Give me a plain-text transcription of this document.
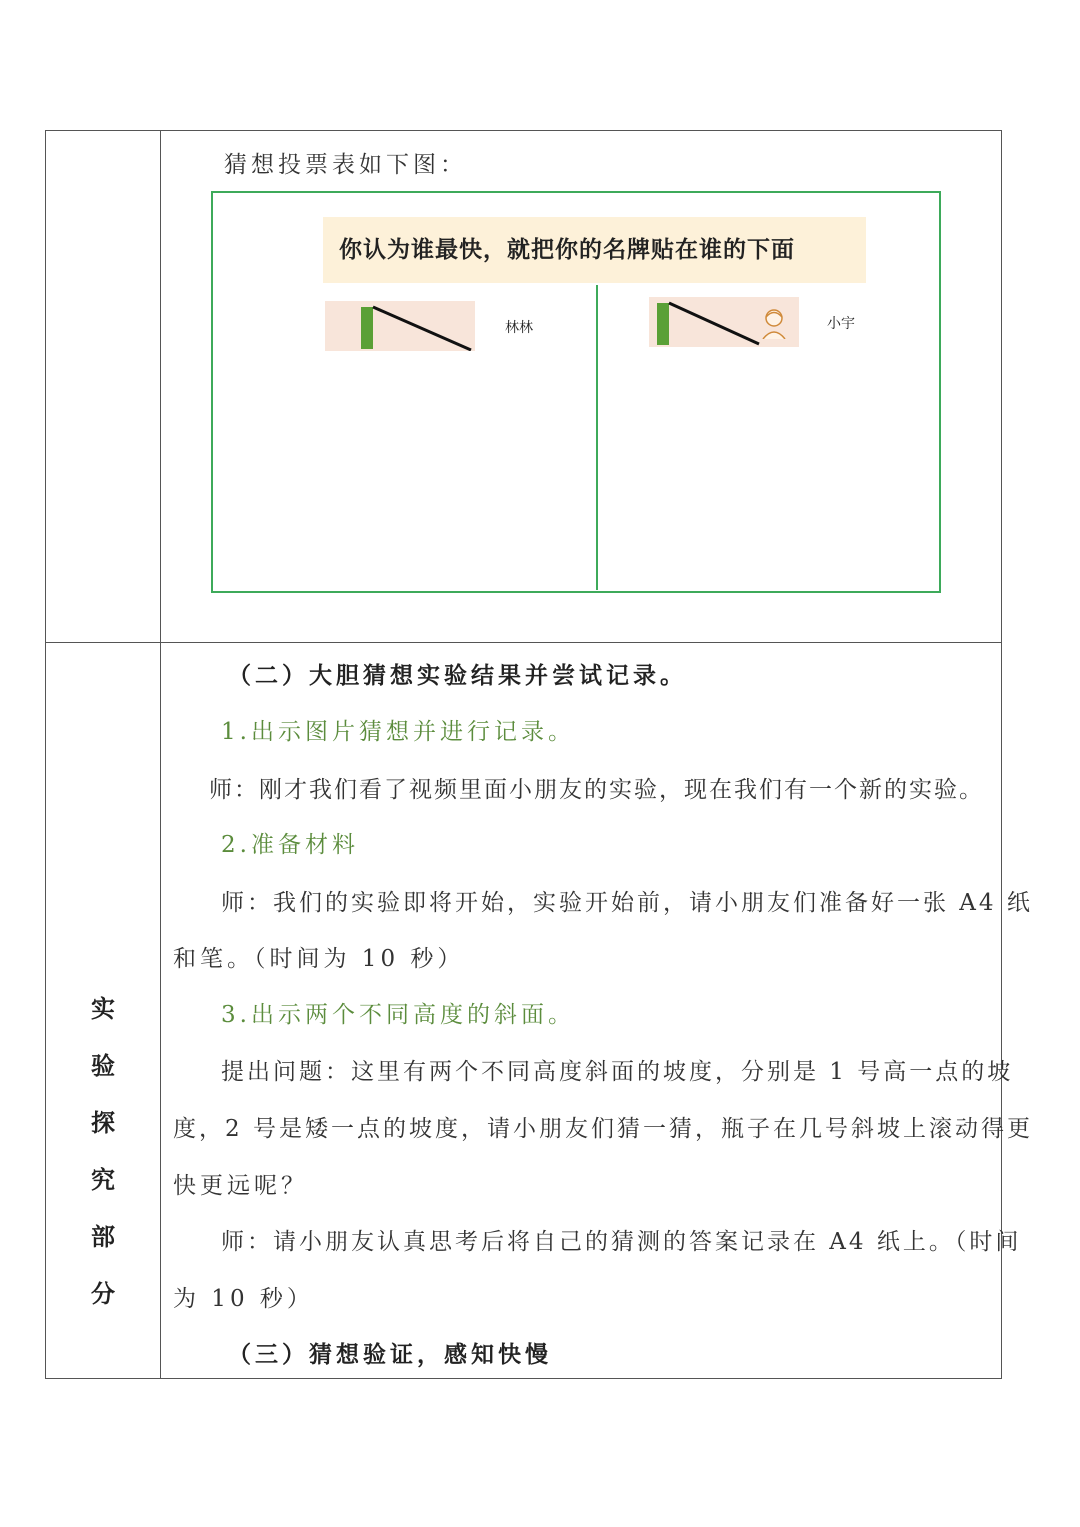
实
验
探
究
部
分
猜想投票表如下图：
你认为谁最快，就把你的名牌贴在谁的下面
林林	小宇
（二）大胆猜想实验结果并尝试记录。
1.出示图片猜想并进行记录。
师：刚才我们看了视频里面小朋友的实验，现在我们有一个新的实验。
2.准备材料
师：我们的实验即将开始，实验开始前，请小朋友们准备好一张 A4 纸
和笔。（时间为 10 秒）
3.出示两个不同高度的斜面。
提出问题：这里有两个不同高度斜面的坡度，分别是 1 号高一点的坡
度，2 号是矮一点的坡度，请小朋友们猜一猜，瓶子在几号斜坡上滚动得更
快更远呢？
师：请小朋友认真思考后将自己的猜测的答案记录在 A4 纸上。（时间
为 10 秒）
（三）猜想验证，感知快慢
